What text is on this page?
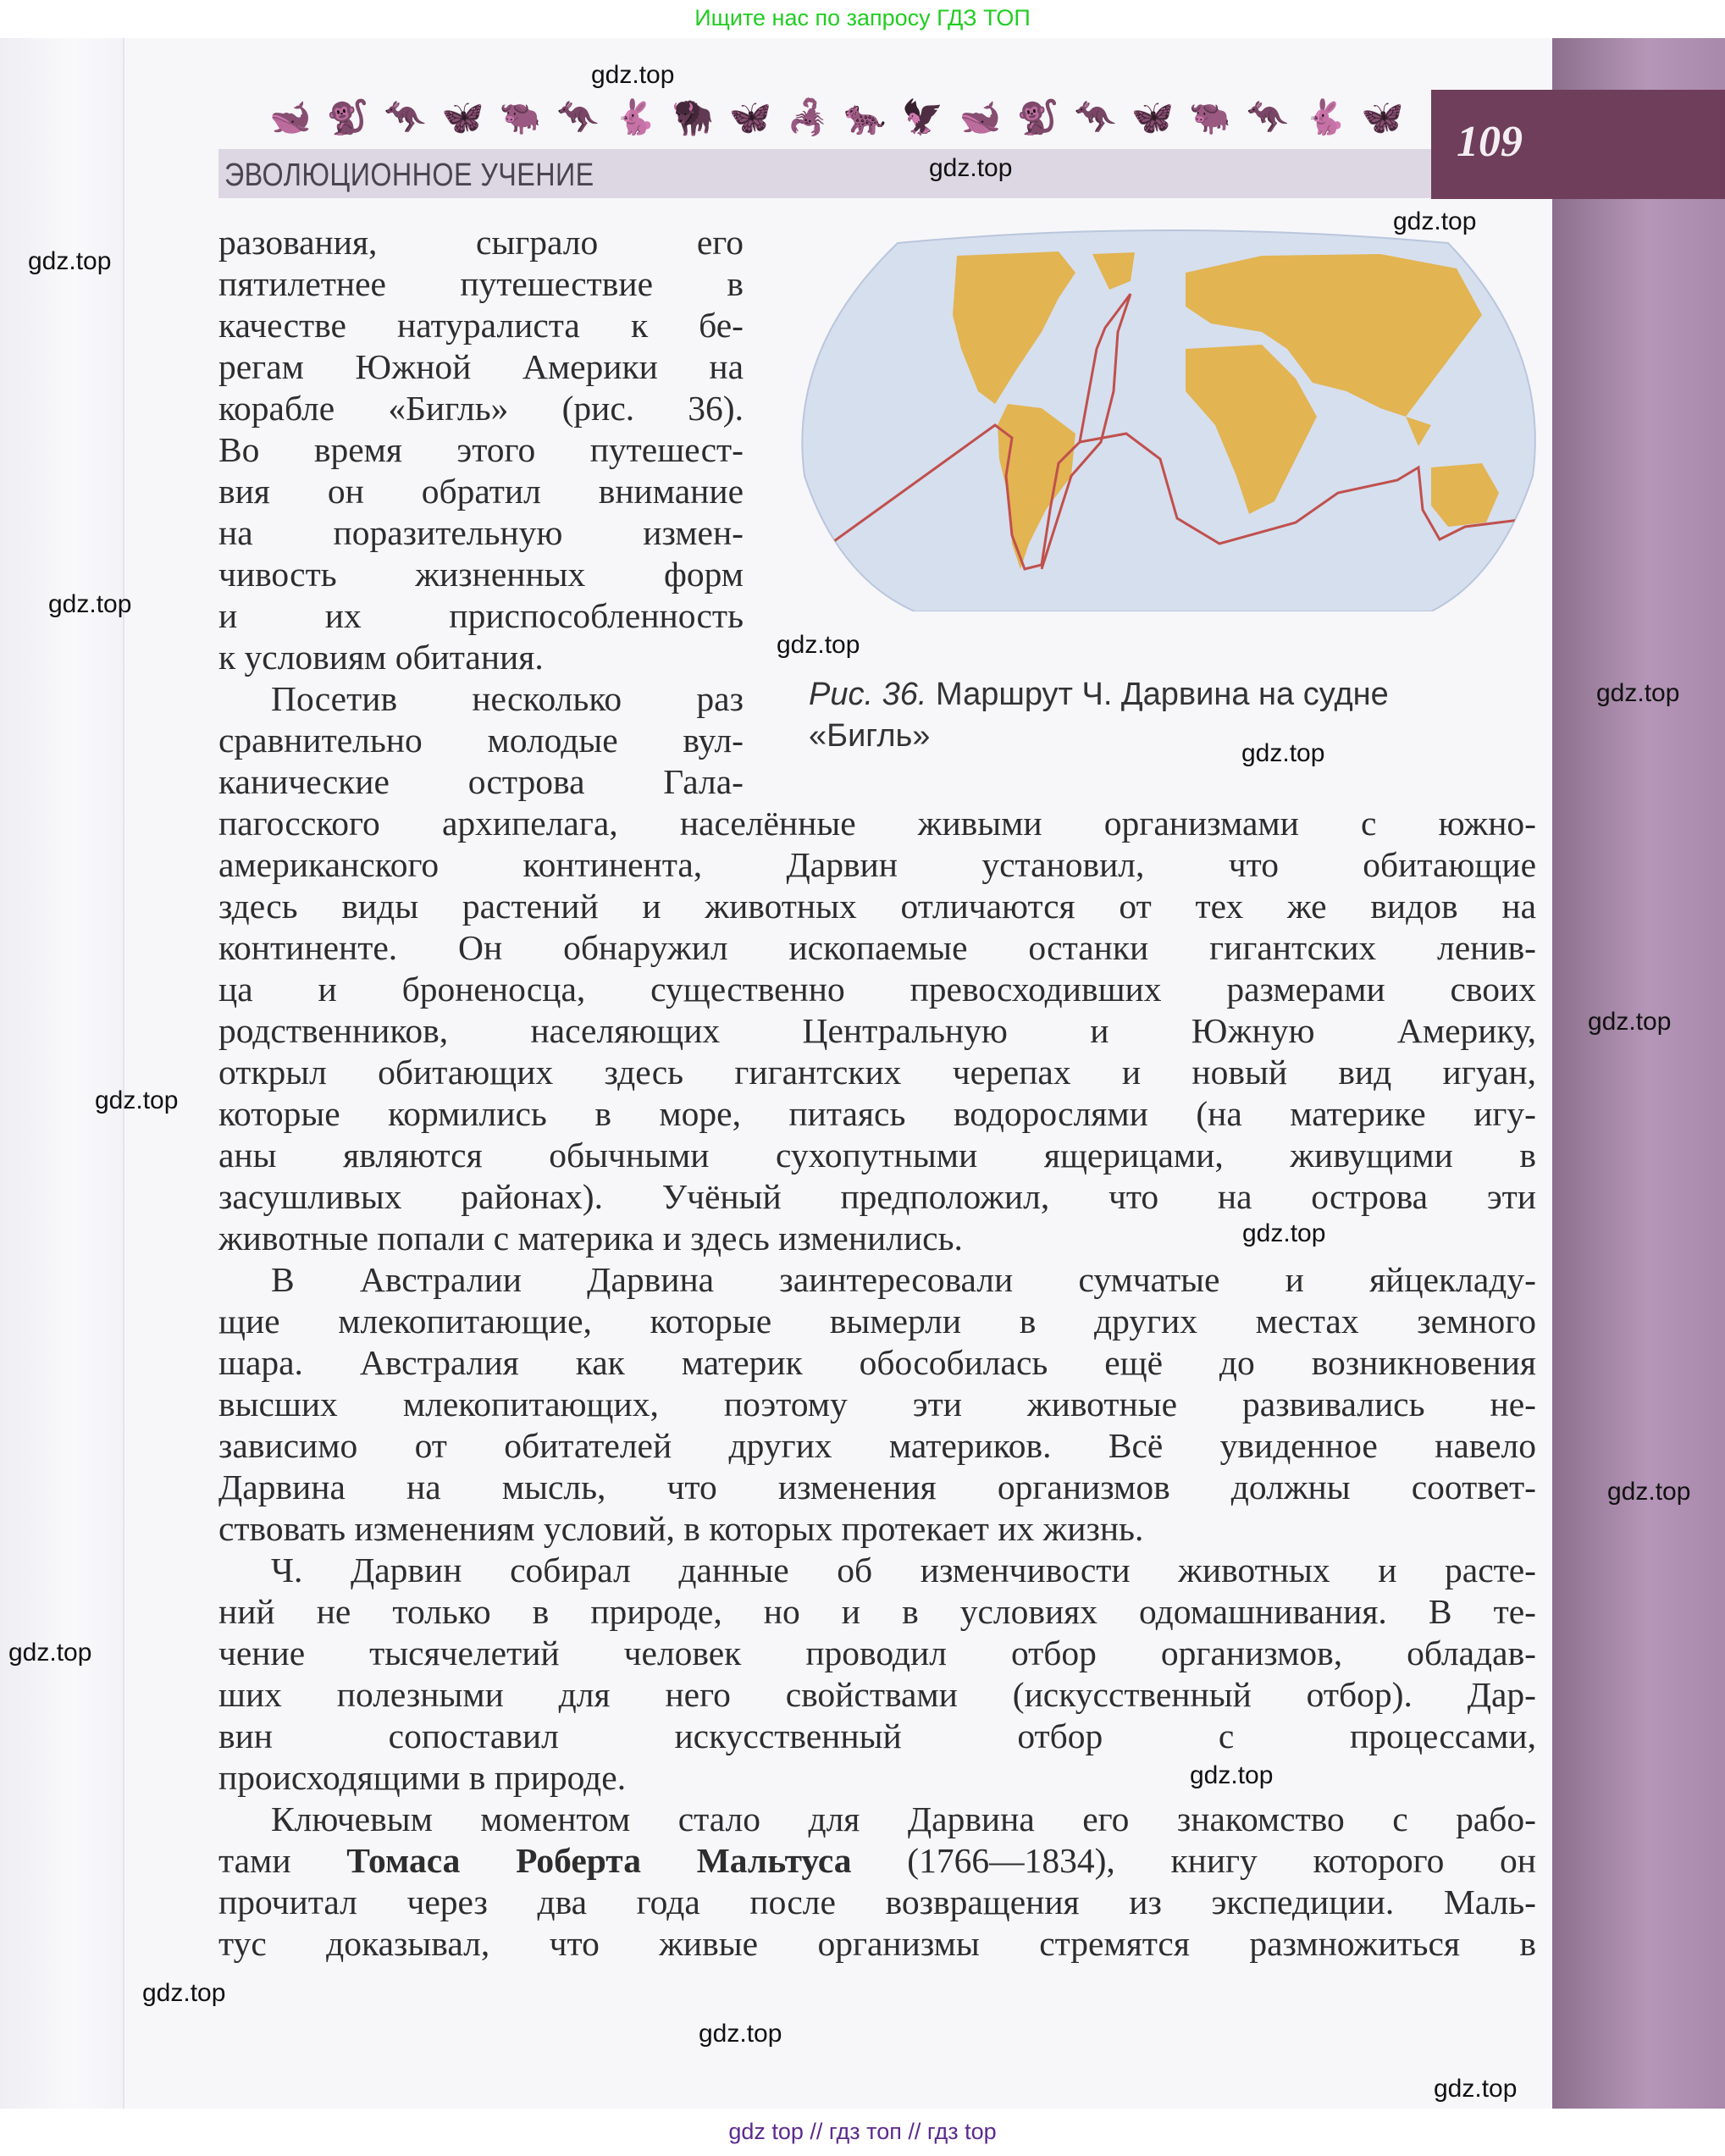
Ищите нас по запросу ГДЗ ТОП
🐋 🐒 🦘 🦋 🐃 🦘 🐇 🦬 🦋 🦂 🐆 🦅 🐋 🐒 🦘 🦋 🐃 🦘 🐇 🦋
ЭВОЛЮЦИОННОЕ УЧЕНИЕ
109
разования, сыграло его
пятилетнее путешествие в
качестве натуралиста к бе-
регам Южной Америки на
корабле «Бигль» (рис. 36).
Во время этого путешест-
вия он обратил внимание
на поразительную измен-
чивость жизненных форм
и их приспособленность
к условиям обитания.
Рис. 36. Маршрут Ч. Дарвина на судне
«Бигль»
Посетив несколько раз
сравнительно молодые вул-
канические острова Гала-
пагосского архипелага, населённые живыми организмами с южно-
американского континента, Дарвин установил, что обитающие
здесь виды растений и животных отличаются от тех же видов на
континенте. Он обнаружил ископаемые останки гигантских ленив-
ца и броненосца, существенно превосходивших размерами своих
родственников, населяющих Центральную и Южную Америку,
открыл обитающих здесь гигантских черепах и новый вид игуан,
которые кормились в море, питаясь водорослями (на материке игу-
аны являются обычными сухопутными ящерицами, живущими в
засушливых районах). Учёный предположил, что на острова эти
животные попали с материка и здесь изменились.
В Австралии Дарвина заинтересовали сумчатые и яйцекладу-
щие млекопитающие, которые вымерли в других местах земного
шара. Австралия как материк обособилась ещё до возникновения
высших млекопитающих, поэтому эти животные развивались не-
зависимо от обитателей других материков. Всё увиденное навело
Дарвина на мысль, что изменения организмов должны соответ-
ствовать изменениям условий, в которых протекает их жизнь.
Ч. Дарвин собирал данные об изменчивости животных и расте-
ний не только в природе, но и в условиях одомашнивания. В те-
чение тысячелетий человек проводил отбор организмов, обладав-
ших полезными для него свойствами (искусственный отбор). Дар-
вин сопоставил искусственный отбор с процессами,
происходящими в природе.
Ключевым моментом стало для Дарвина его знакомство с рабо-
тами Томаса Роберта Мальтуса (1766—1834), книгу которого он
прочитал через два года после возвращения из экспедиции. Маль-
тус доказывал, что живые организмы стремятся размножиться в
gdz.top
gdz.top
gdz.top
gdz.top
gdz.top
gdz.top
gdz.top
gdz.top
gdz.top
gdz.top
gdz.top
gdz.top
gdz.top
gdz.top
gdz.top
gdz.top
gdz.top
gdz top // гдз топ // гдз top
